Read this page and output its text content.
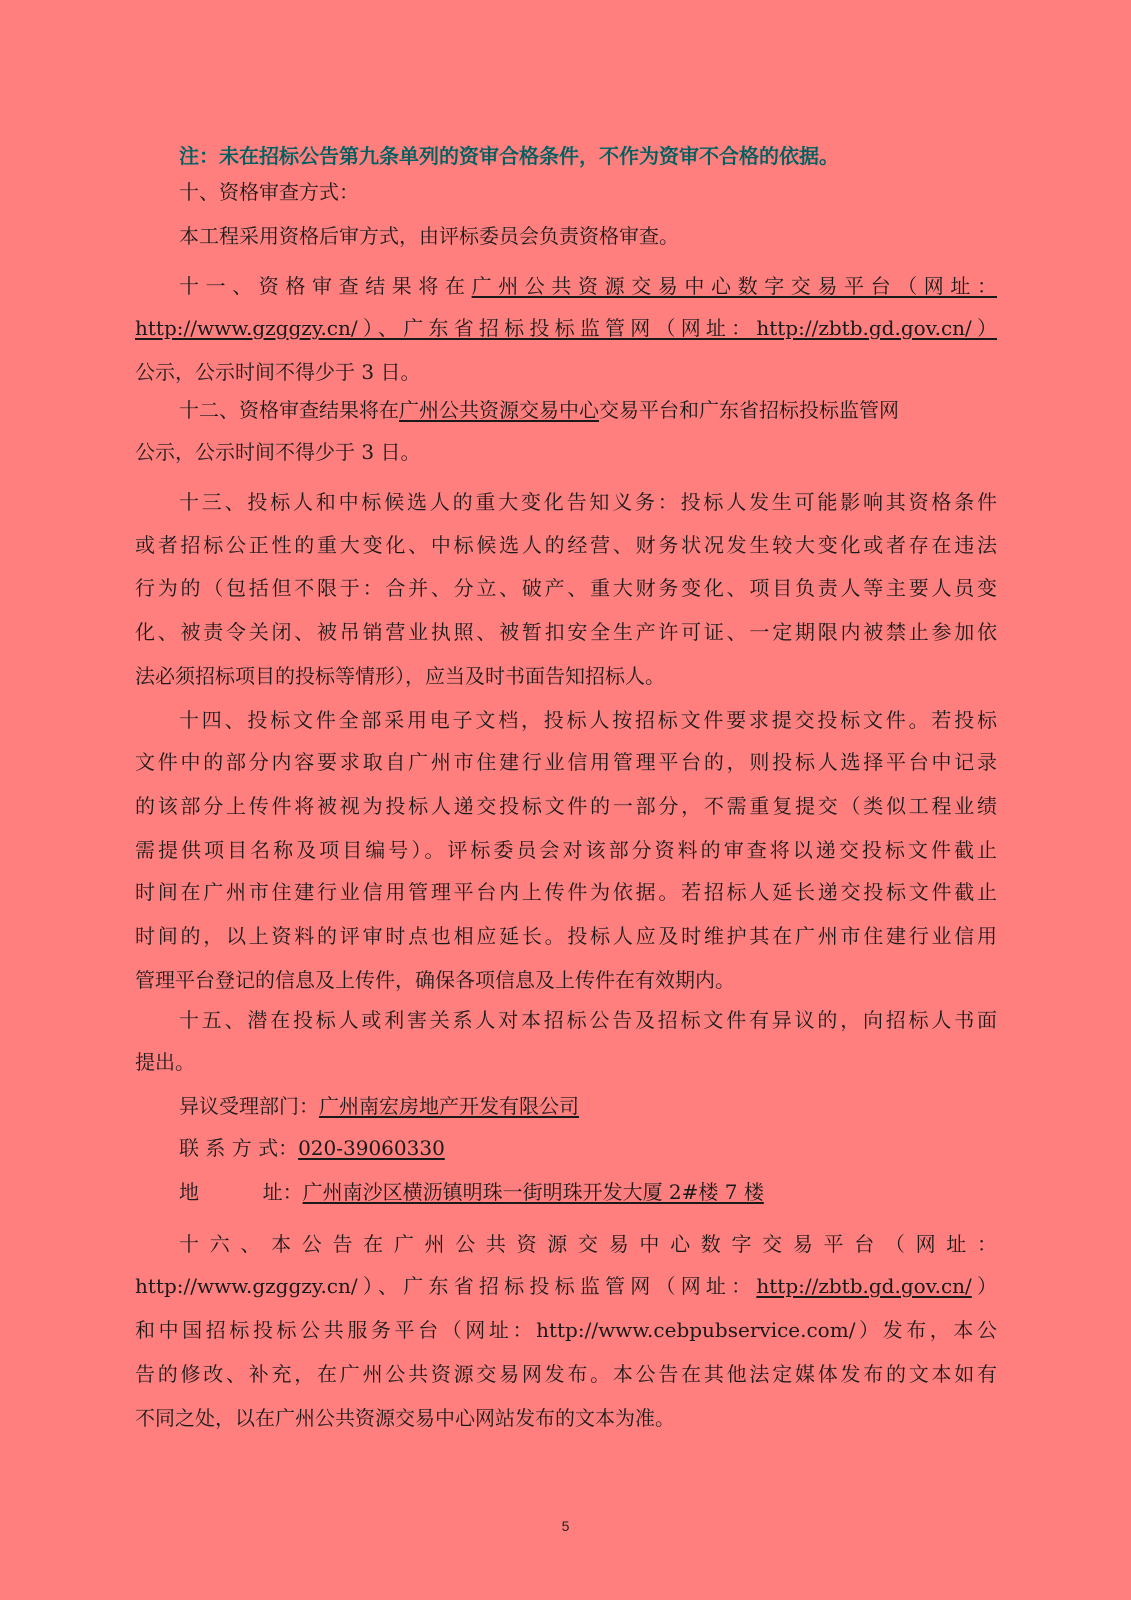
注：未在招标公告第九条单列的资审合格条件，不作为资审不合格的依据。
十、资格审查方式：
本工程采用资格后审方式，由评标委员会负责资格审查。
十一、资格审查结果将在广州公共资源交易中心数字交易平台（网址：
http://www.gzggzy.cn/）、广东省招标投标监管网（网址：http://zbtb.gd.gov.cn/）
公示，公示时间不得少于 3 日。
十二、资格审查结果将在广州公共资源交易中心交易平台和广东省招标投标监管网
公示，公示时间不得少于 3 日。
十三、投标人和中标候选人的重大变化告知义务：投标人发生可能影响其资格条件
或者招标公正性的重大变化、中标候选人的经营、财务状况发生较大变化或者存在违法
行为的（包括但不限于：合并、分立、破产、重大财务变化、项目负责人等主要人员变
化、被责令关闭、被吊销营业执照、被暂扣安全生产许可证、一定期限内被禁止参加依
法必须招标项目的投标等情形），应当及时书面告知招标人。
十四、投标文件全部采用电子文档，投标人按招标文件要求提交投标文件。若投标
文件中的部分内容要求取自广州市住建行业信用管理平台的，则投标人选择平台中记录
的该部分上传件将被视为投标人递交投标文件的一部分，不需重复提交（类似工程业绩
需提供项目名称及项目编号）。评标委员会对该部分资料的审查将以递交投标文件截止
时间在广州市住建行业信用管理平台内上传件为依据。若招标人延长递交投标文件截止
时间的，以上资料的评审时点也相应延长。投标人应及时维护其在广州市住建行业信用
管理平台登记的信息及上传件，确保各项信息及上传件在有效期内。
十五、潜在投标人或利害关系人对本招标公告及招标文件有异议的，向招标人书面
提出。
异议受理部门：广州南宏房地产开发有限公司
联 系 方 式：020-39060330
地          址：广州南沙区横沥镇明珠一街明珠开发大厦 2#楼 7 楼
十六、本公告在广州公共资源交易中心数字交易平台（网址：
http://www.gzggzy.cn/）、广东省招标投标监管网（网址：http://zbtb.gd.gov.cn/）
和中国招标投标公共服务平台（网址：http://www.cebpubservice.com/）发布，本公
告的修改、补充，在广州公共资源交易网发布。本公告在其他法定媒体发布的文本如有
不同之处，以在广州公共资源交易中心网站发布的文本为准。
5
